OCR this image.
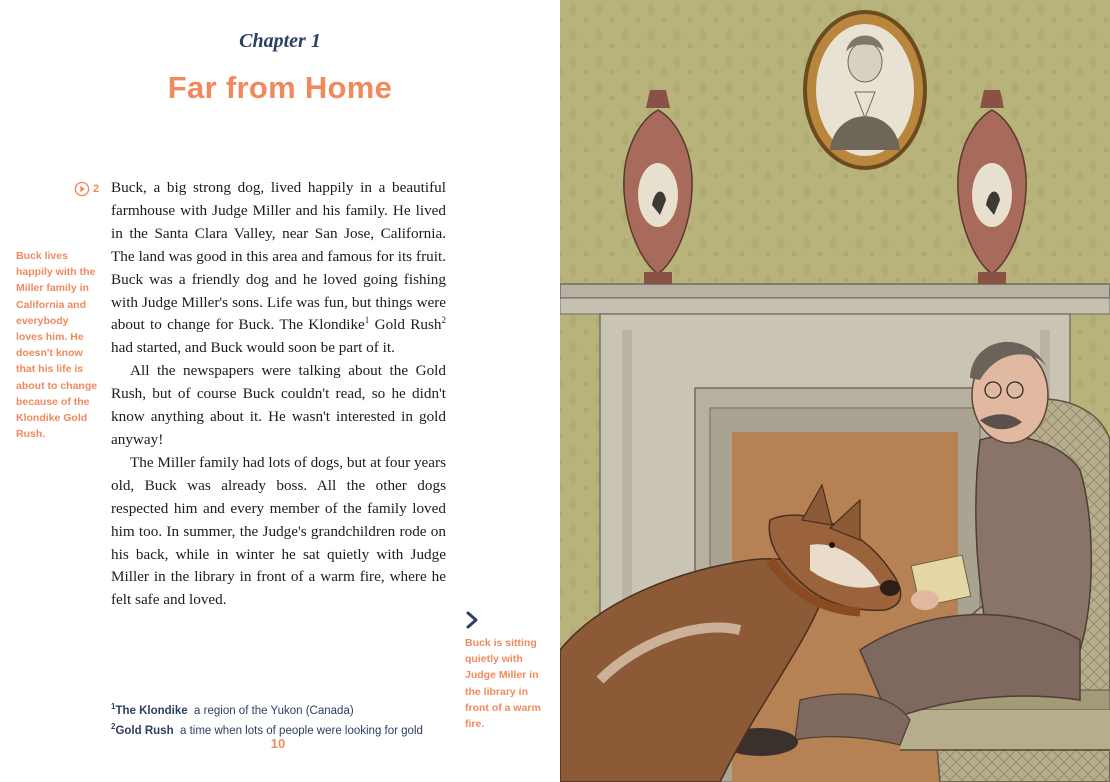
Chapter 1
Far from Home
2
Buck lives happily with the Miller family in California and everybody loves him. He doesn't know that his life is about to change because of the Klondike Gold Rush.

Buck, a big strong dog, lived happily in a beautiful farmhouse with Judge Miller and his family. He lived in the Santa Clara Valley, near San Jose, California. The land was good in this area and famous for its fruit. Buck was a friendly dog and he loved going fishing with Judge Miller's sons. Life was fun, but things were about to change for Buck. The Klondike$^1$ Gold Rush$^2$ had started, and Buck would soon be part of it.

All the newspapers were talking about the Gold Rush, but of course Buck couldn't read, so he didn't know anything about it. He wasn't interested in gold anyway!

The Miller family had lots of dogs, but at four years old, Buck was already boss. All the other dogs respected him and every member of the family loved him too. In summer, the Judge's grandchildren rode on his back, while in winter he sat quietly with Judge Miller in the library in front of a warm fire, where he felt safe and loved.

Buck is sitting quietly with Judge Miller in the library in front of a warm fire.
$^1$The Klondike a region of the Yukon (Canada)
$^2$Gold Rush a time when lots of people were looking for gold
10
